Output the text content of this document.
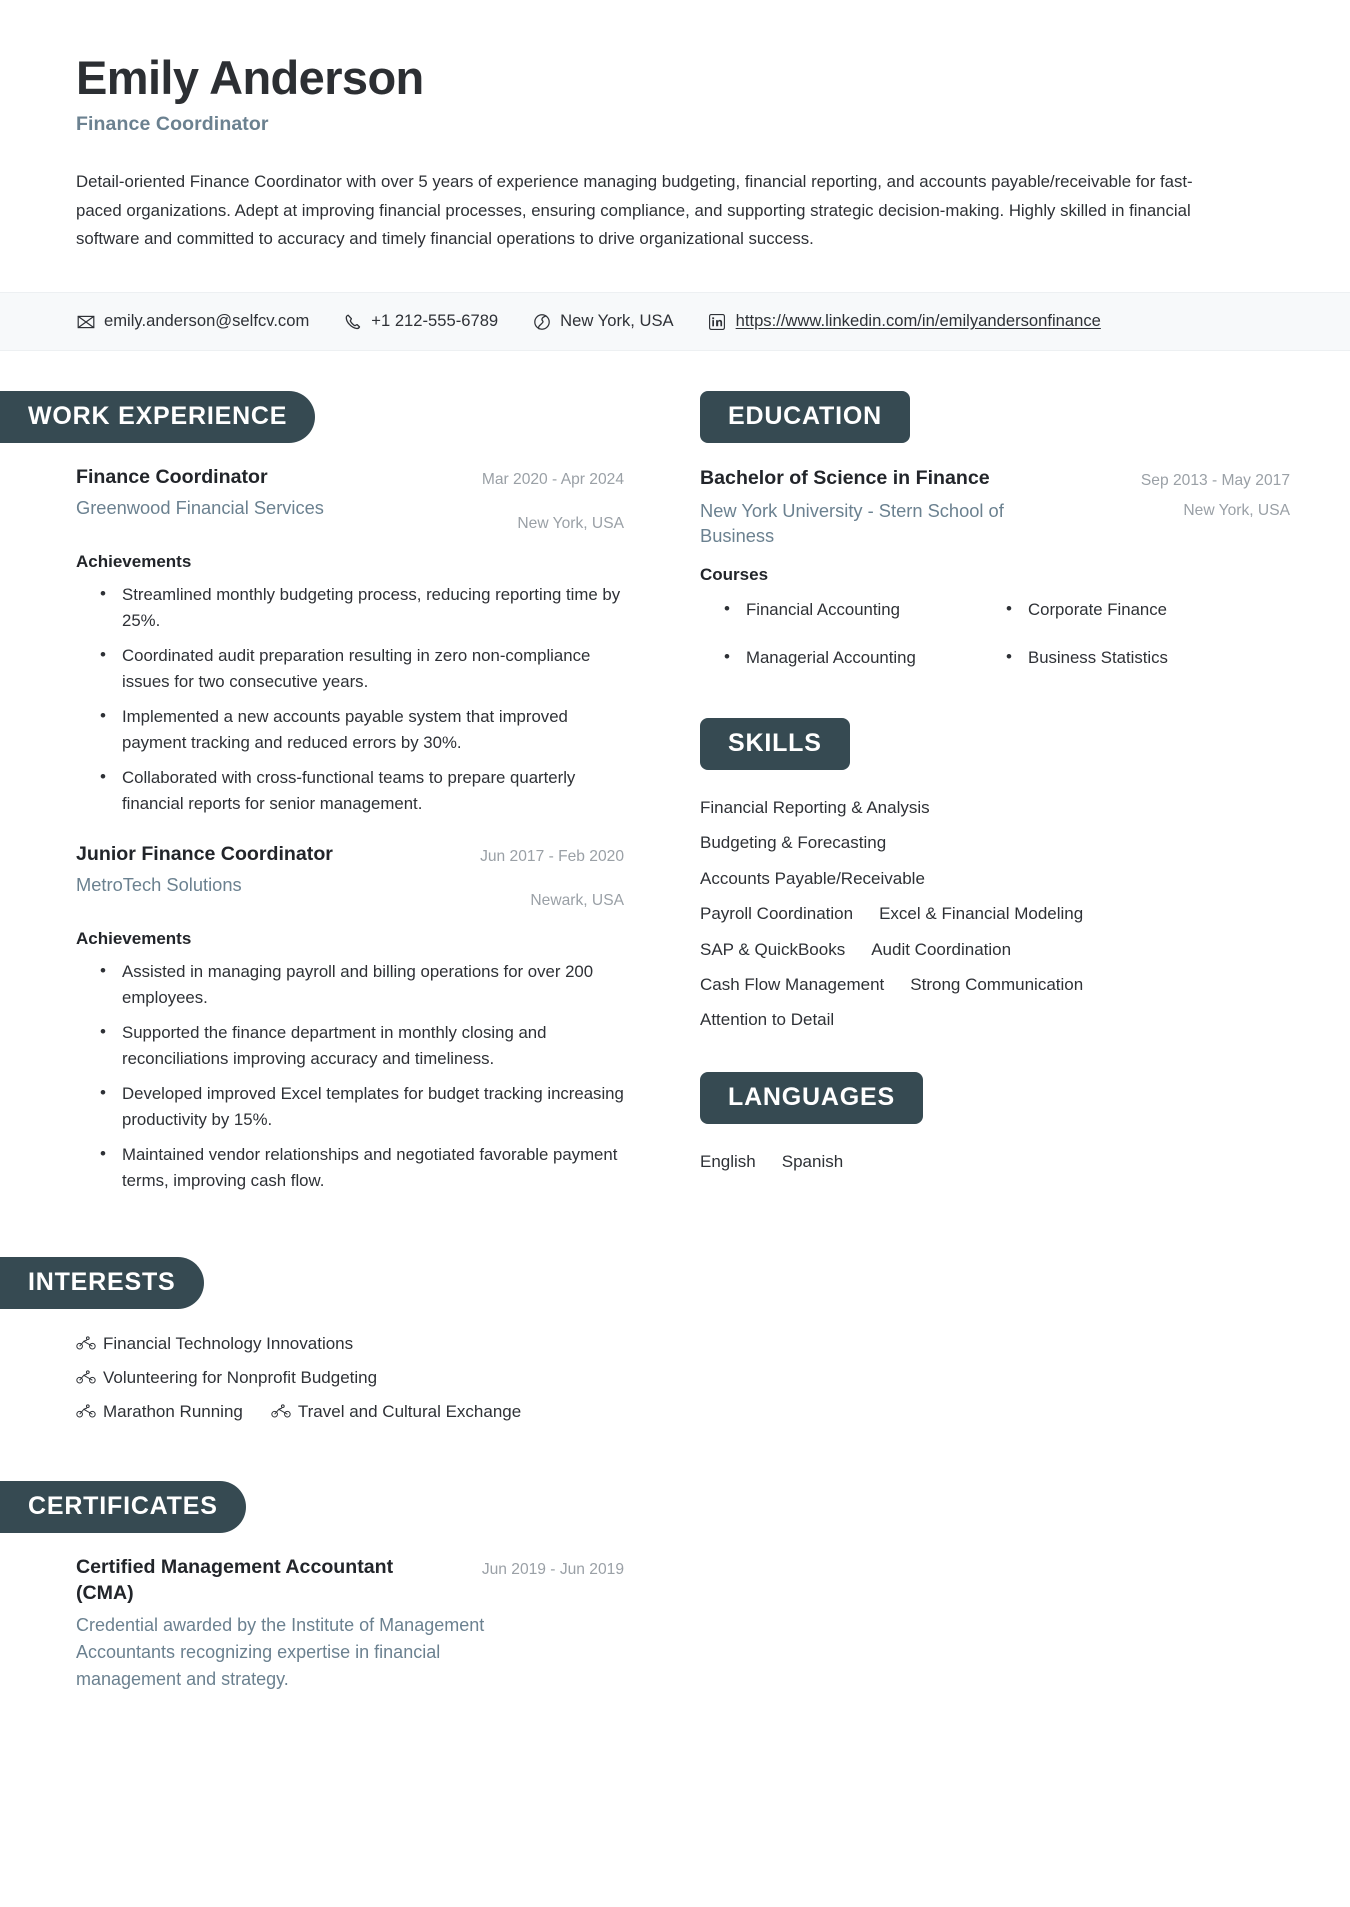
Emily Anderson
Finance Coordinator
Detail-oriented Finance Coordinator with over 5 years of experience managing budgeting, financial reporting, and accounts payable/receivable for fast-paced organizations. Adept at improving financial processes, ensuring compliance, and supporting strategic decision-making. Highly skilled in financial software and committed to accuracy and timely financial operations to drive organizational success.
emily.anderson@selfcv.com	+1 212-555-6789	New York, USA	https://www.linkedin.com/in/emilyandersonfinance
WORK EXPERIENCE
Finance Coordinator
Greenwood Financial Services
Mar 2020 - Apr 2024
New York, USA
Achievements
• Streamlined monthly budgeting process, reducing reporting time by 25%.
• Coordinated audit preparation resulting in zero non-compliance issues for two consecutive years.
• Implemented a new accounts payable system that improved payment tracking and reduced errors by 30%.
• Collaborated with cross-functional teams to prepare quarterly financial reports for senior management.
Junior Finance Coordinator
MetroTech Solutions
Jun 2017 - Feb 2020
Newark, USA
Achievements
• Assisted in managing payroll and billing operations for over 200 employees.
• Supported the finance department in monthly closing and reconciliations improving accuracy and timeliness.
• Developed improved Excel templates for budget tracking increasing productivity by 15%.
• Maintained vendor relationships and negotiated favorable payment terms, improving cash flow.
INTERESTS
Financial Technology Innovations
Volunteering for Nonprofit Budgeting
Marathon Running	Travel and Cultural Exchange
CERTIFICATES
Certified Management Accountant (CMA)
Jun 2019 - Jun 2019
Credential awarded by the Institute of Management Accountants recognizing expertise in financial management and strategy.
EDUCATION
Bachelor of Science in Finance	Sep 2013 - May 2017
New York University - Stern School of Business
New York, USA
Courses
• Financial Accounting	• Corporate Finance
• Managerial Accounting	• Business Statistics
SKILLS
Financial Reporting & Analysis
Budgeting & Forecasting
Accounts Payable/Receivable
Payroll Coordination Excel & Financial Modeling
SAP & QuickBooks Audit Coordination
Cash Flow Management Strong Communication
Attention to Detail
LANGUAGES
English Spanish
